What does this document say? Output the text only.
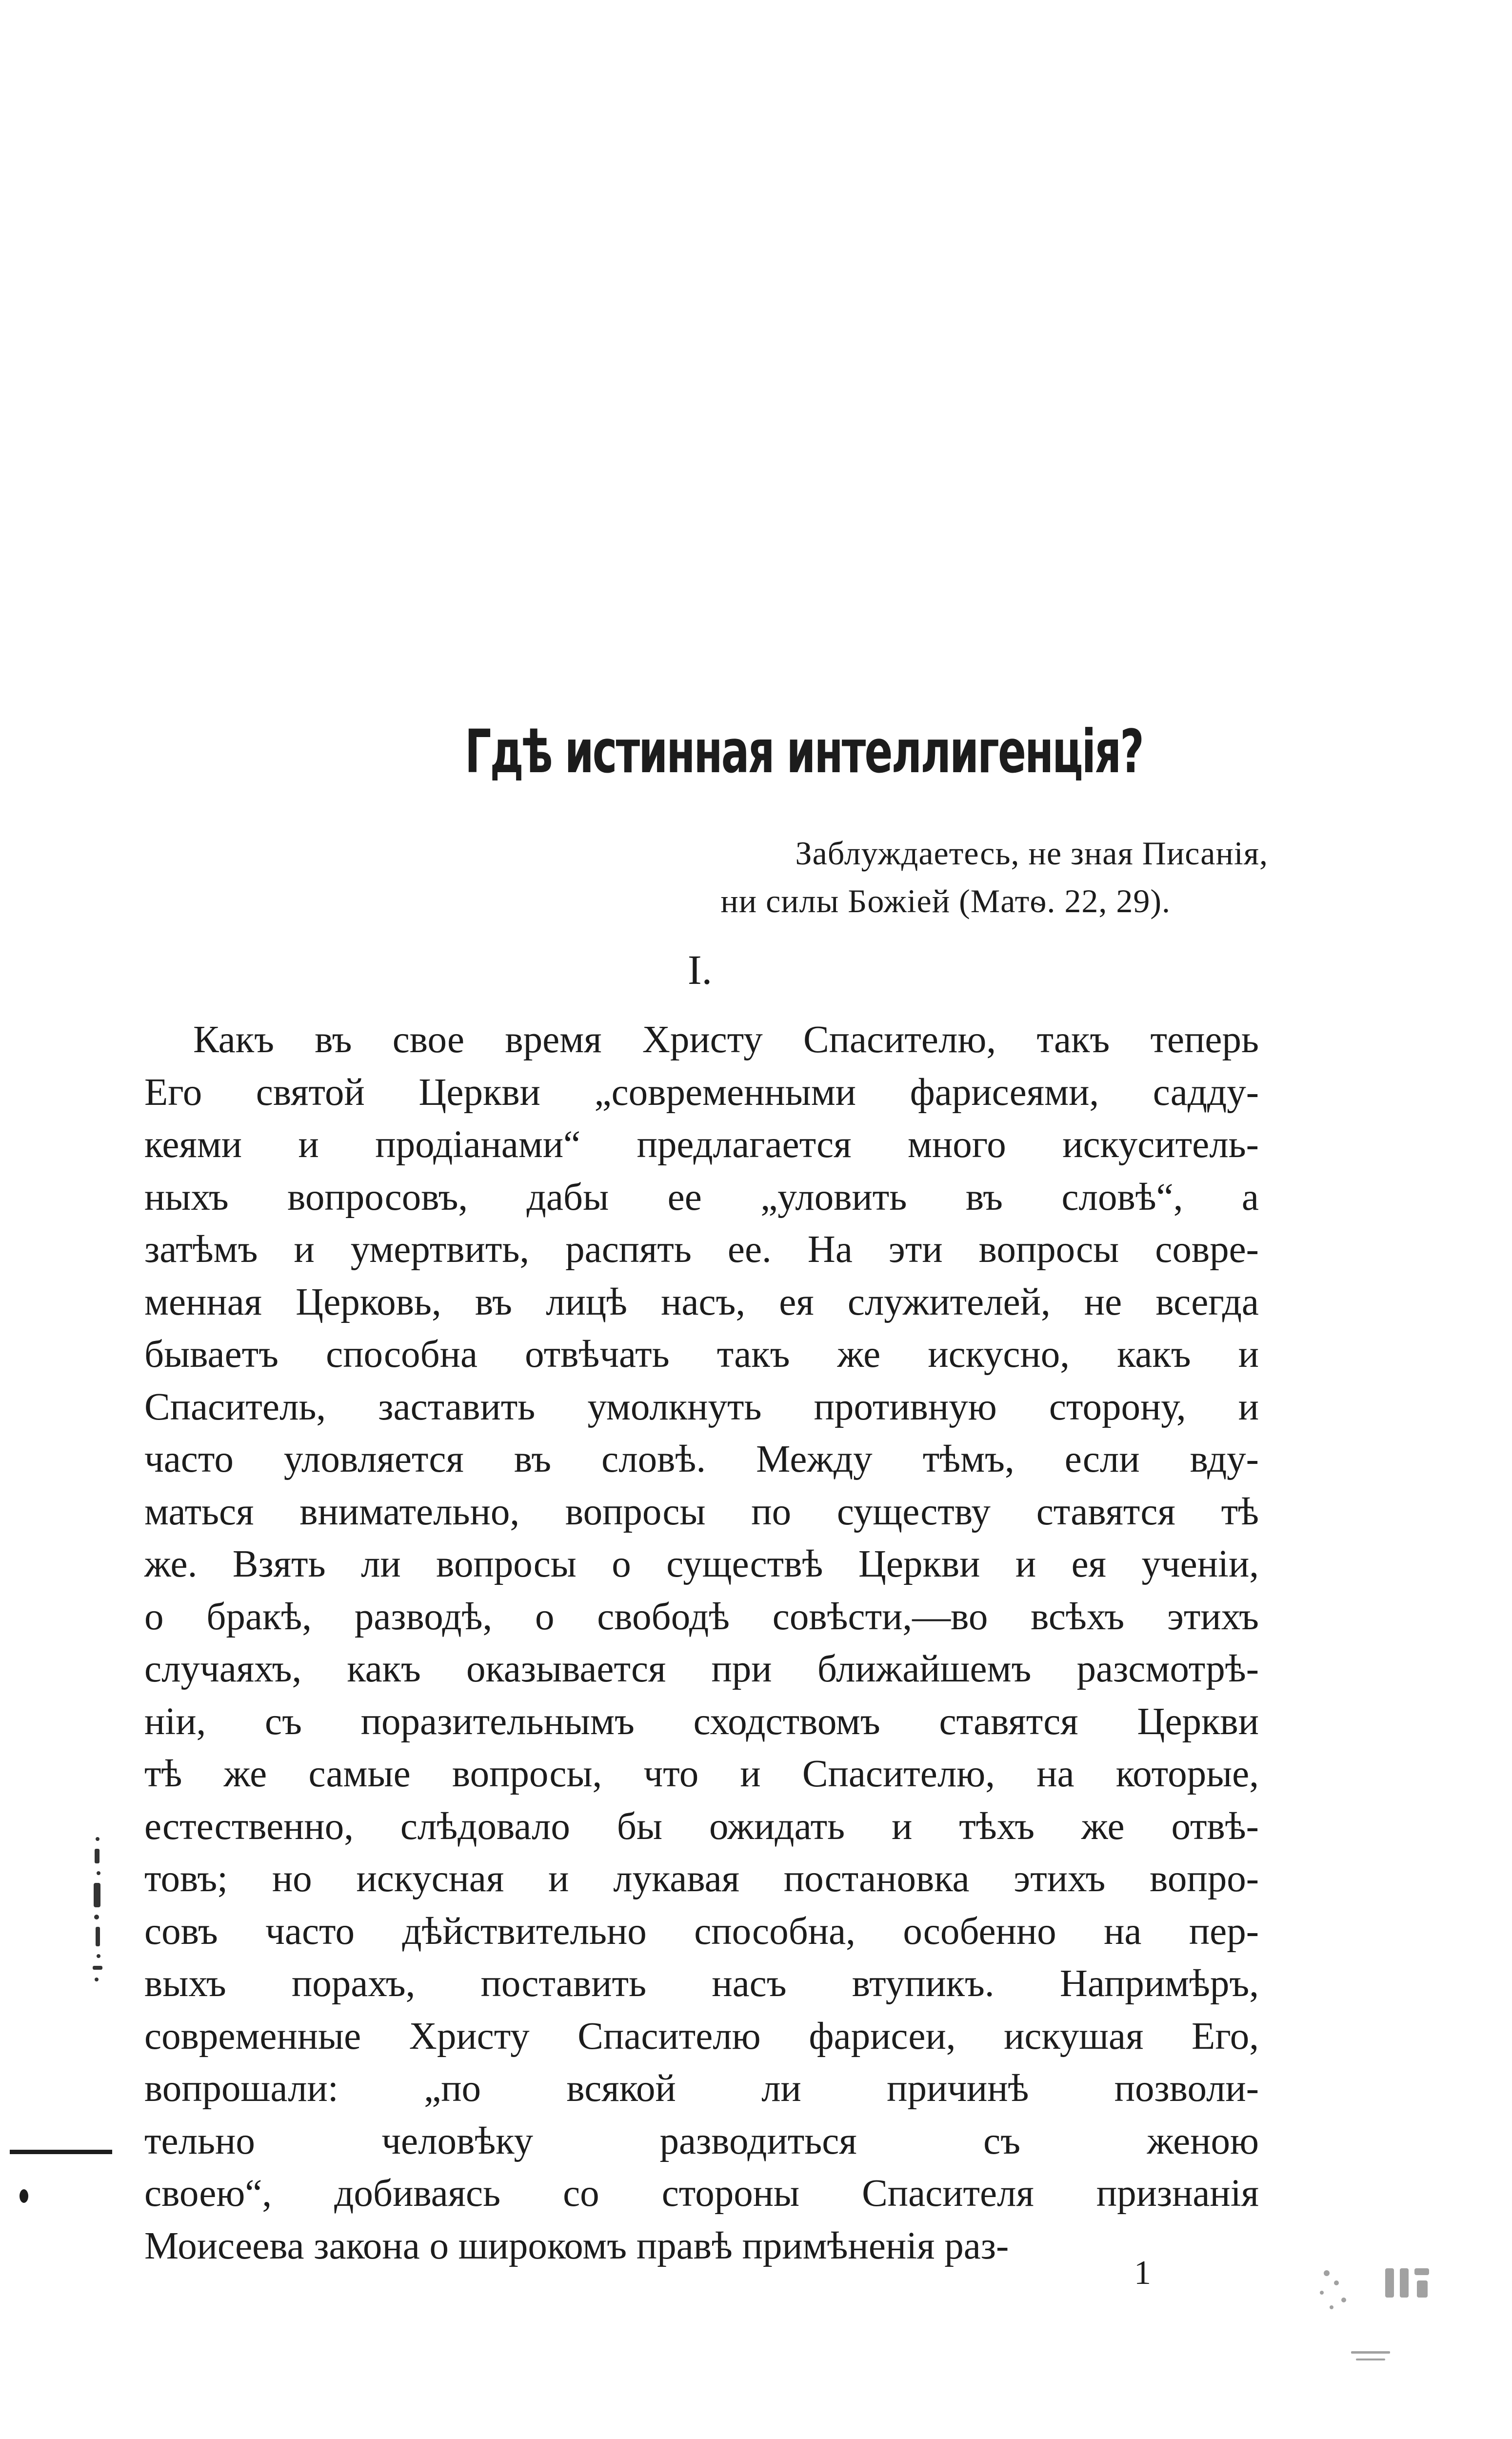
Гдѣ истинная интеллигенція?
Заблуждаетесь, не зная Писанія,
ни силы Божіей (Матѳ. 22, 29).
I.
Какъ въ свое время Христу Спасителю, такъ теперь
Его святой Церкви „современными фарисеями, садду-
кеями и продіанами“ предлагается много искуситель-
ныхъ вопросовъ, дабы ее „уловить въ словѣ“, а
затѣмъ и умертвить, распять ее. На эти вопросы совре-
менная Церковь, въ лицѣ насъ, ея служителей, не всегда
бываетъ способна отвѣчать такъ же искусно, какъ и
Спаситель, заставить умолкнуть противную сторону, и
часто уловляется въ словѣ. Между тѣмъ, если вду-
маться внимательно, вопросы по существу ставятся тѣ
же. Взять ли вопросы о существѣ Церкви и ея ученіи,
о бракѣ, разводѣ, о свободѣ совѣсти,—во всѣхъ этихъ
случаяхъ, какъ оказывается при ближайшемъ разсмотрѣ-
ніи, съ поразительнымъ сходствомъ ставятся Церкви
тѣ же самые вопросы, что и Спасителю, на которые,
естественно, слѣдовало бы ожидать и тѣхъ же отвѣ-
товъ; но искусная и лукавая постановка этихъ вопро-
совъ часто дѣйствительно способна, особенно на пер-
выхъ порахъ, поставить насъ втупикъ. Напримѣръ,
современные Христу Спасителю фарисеи, искушая Его,
вопрошали: „по всякой ли причинѣ позволи-
тельно человѣку разводиться съ женою
своею“, добиваясь со стороны Спасителя признанія
Моисеева закона о широкомъ правѣ примѣненія раз-
1
